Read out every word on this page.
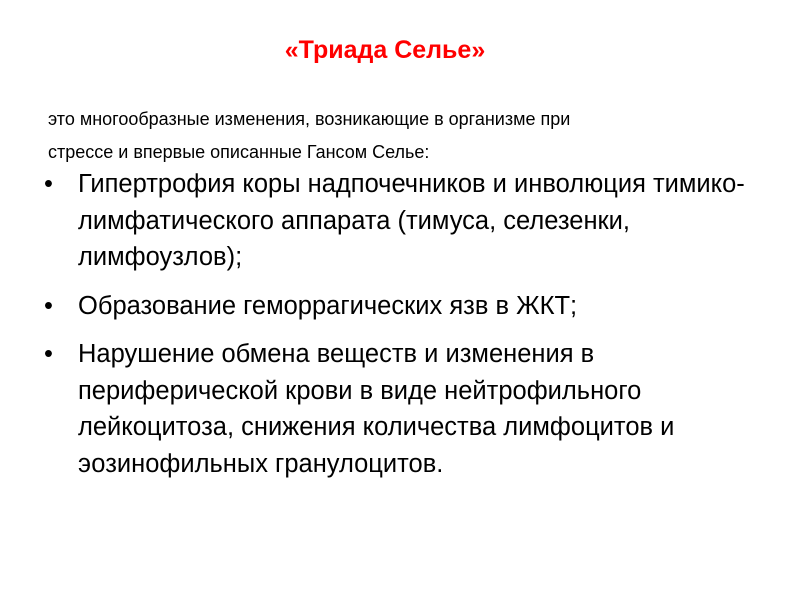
«Триада Селье»
это многообразные изменения, возникающие в организме при
стрессе и впервые описанные Гансом Селье:
• Гипертрофия коры надпочечников и инволюция тимико-лимфатического аппарата (тимуса, селезенки, лимфоузлов);
• Образование геморрагических язв в ЖКТ;
• Нарушение обмена веществ и изменения в периферической крови в виде нейтрофильного лейкоцитоза, снижения количества лимфоцитов и эозинофильных гранулоцитов.
